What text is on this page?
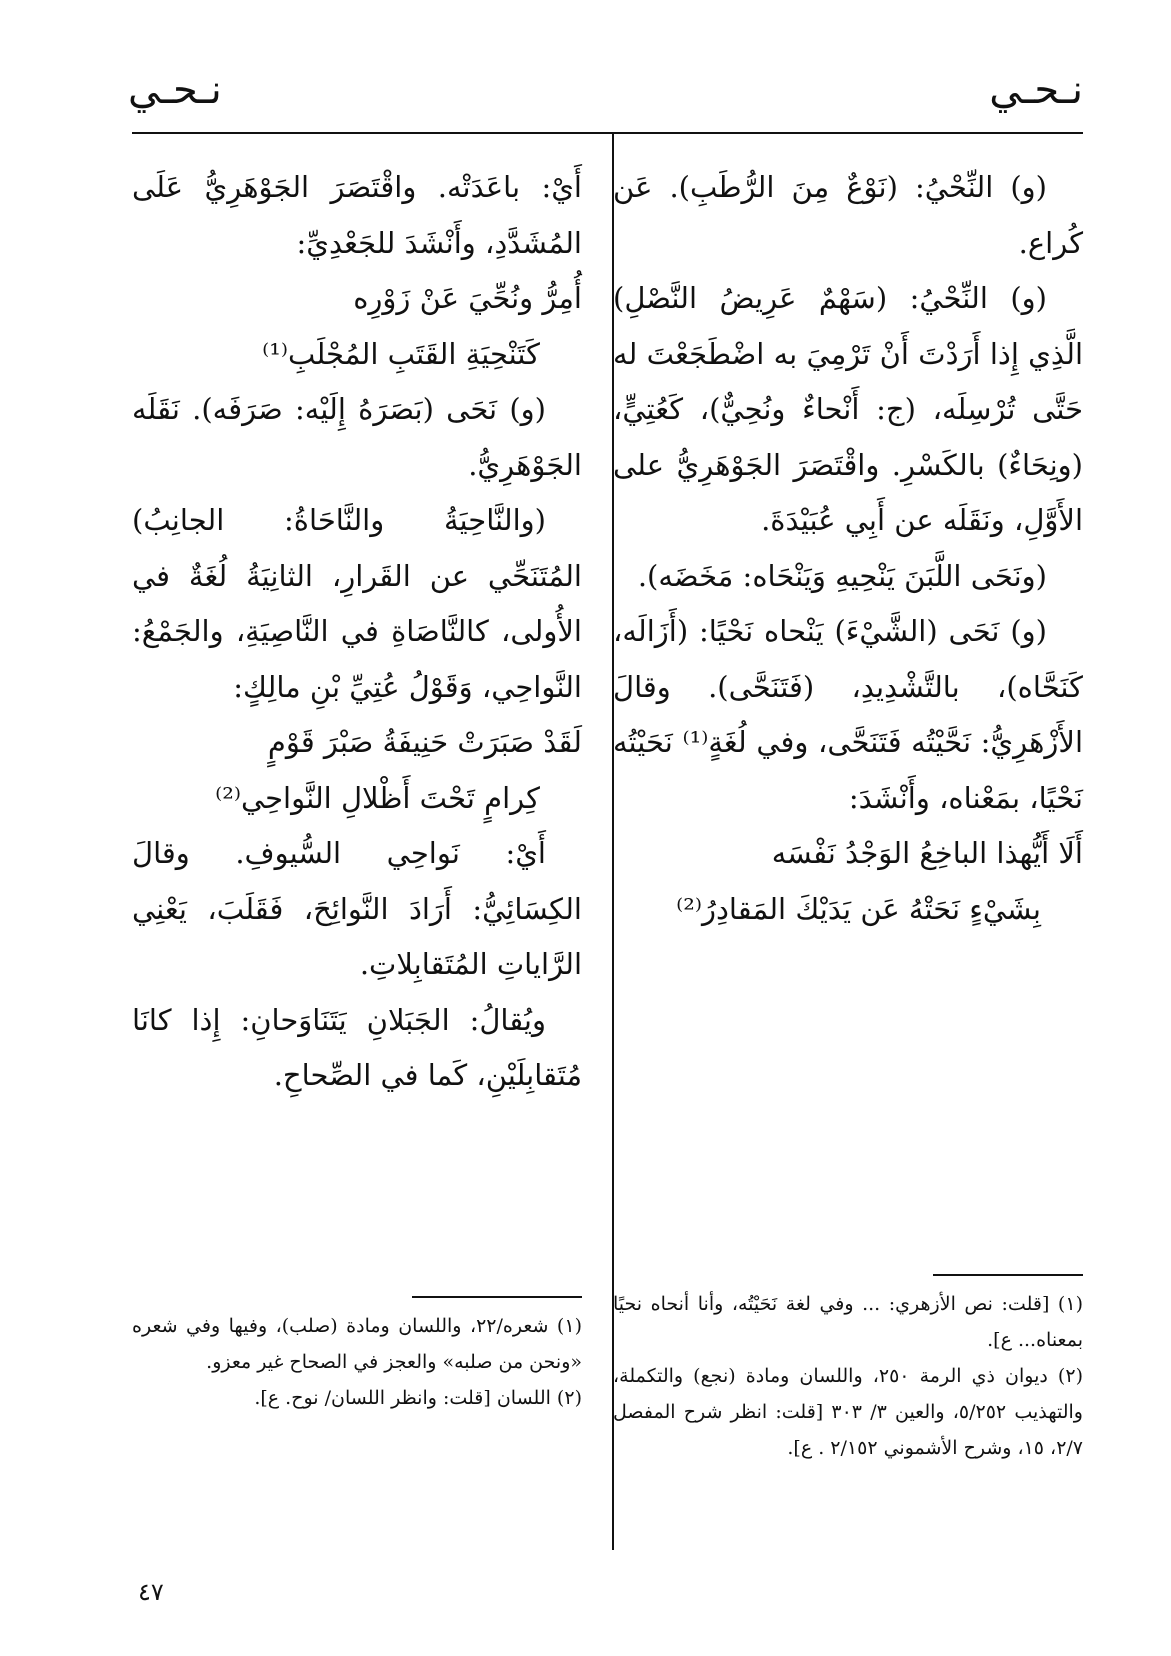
نـحـي
نـحـي

(و) النِّحْيُ: (نَوْعٌ مِنَ الرُّطَبِ). عَن كُراع.

(و) النِّحْيُ: (سَهْمٌ عَرِيضُ النَّصْلِ) الَّذِي إِذا أَرَدْتَ أَنْ تَرْمِيَ به اضْطَجَعْتَ له حَتَّى تُرْسِلَه، (ج: أَنْحاءٌ ونُحِيٌّ)، كَعُتِيٍّ، (ونِحَاءٌ) بالكَسْرِ. واقْتَصَرَ الجَوْهَرِيُّ على الأَوَّلِ، ونَقَلَه عن أَبِي عُبَيْدَةَ.

(ونَحَى اللَّبَنَ يَنْحِيهِ وَيَنْحَاه: مَخَضَه).

(و) نَحَى (الشَّيْءَ) يَنْحاه نَحْيًا: (أَزَالَه، كَنَحَّاه)، بالتَّشْدِيدِ، (فَتَنَحَّى). وقالَ الأَزْهَرِيُّ: نَحَّيْتُه فَتَنَحَّى، وفي لُغَةٍ⁽¹⁾ نَحَيْتُه نَحْيًا، بمَعْناه، وأَنْشَدَ:

أَلَا أَيُّهذا الباخِعُ الوَجْدُ نَفْسَه
بِشَيْءٍ نَحَتْهُ عَن يَدَيْكَ المَقادِرُ⁽²⁾

(١) [قلت: نص الأزهري: ... وفي لغة نَحَيْتُه، وأنا أنحاه نحيًا بمعناه... ع].

(٢) ديوان ذي الرمة ٢٥٠، واللسان ومادة (نجع) والتكملة، والتهذيب ٥/٢٥٢، والعين ٣/ ٣٠٣ [قلت: انظر شرح المفصل ٢/٧، ١٥، وشرح الأشموني ٢/١٥٢ . ع].

أَيْ: باعَدَتْه. واقْتَصَرَ الجَوْهَرِيُّ عَلَى المُشَدَّدِ، وأَنْشَدَ للجَعْدِيِّ:

أُمِرُّ ونُحِّيَ عَنْ زَوْرِه
كَتَنْحِيَةِ القَتَبِ المُجْلَبِ⁽¹⁾

(و) نَحَى (بَصَرَهُ إِلَيْه: صَرَفَه). نَقَلَه الجَوْهَرِيُّ.

(والنَّاحِيَةُ والنَّاحَاةُ: الجانِبُ) المُتَنَحِّي عن القَرارِ، الثانِيَةُ لُغَةٌ في الأُولى، كالنَّاصَاةِ في النَّاصِيَةِ، والجَمْعُ: النَّواحِي، وَقَوْلُ عُتِيِّ بْنِ مالِكٍ:

لَقَدْ صَبَرَتْ حَنِيفَةُ صَبْرَ قَوْمٍ
كِرامٍ تَحْتَ أَظْلالِ النَّواحِي⁽²⁾

أَيْ: نَواحِي السُّيوفِ. وقالَ الكِسَائِيُّ: أَرَادَ النَّوائِحَ، فَقَلَبَ، يَعْنِي الرَّاياتِ المُتَقابِلاتِ.

ويُقالُ: الجَبَلانِ يَتَنَاوَحانِ: إِذا كانَا مُتَقابِلَيْنِ، كَما في الصِّحاحِ.

(١) شعره/٢٢، واللسان ومادة (صلب)، وفيها وفي شعره «ونحن من صلبه» والعجز في الصحاح غير معزو.

(٢) اللسان [قلت: وانظر اللسان/ نوح. ع].

٤٧
